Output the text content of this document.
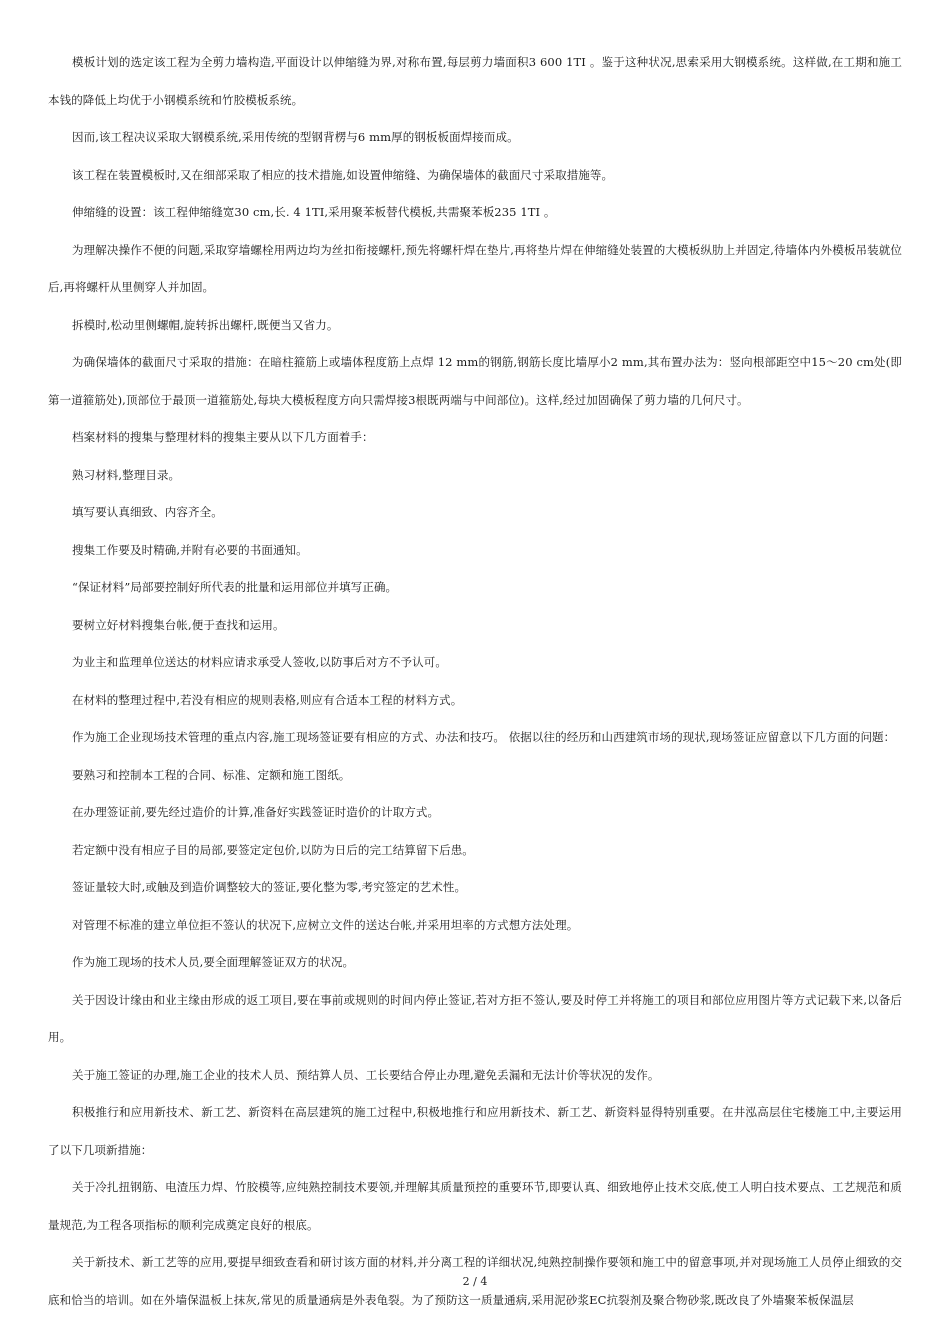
模板计划的选定该工程为全剪力墙构造,平面设计以伸缩缝为界,对称布置,每层剪力墙面积3 600 1TI 。鉴于这种状况,思索采用大钢模系统。这样做,在工期和施工本钱的降低上均优于小钢模系统和竹胶模板系统。

因而,该工程决议采取大钢模系统,采用传统的型钢背楞与6 mm厚的钢板板面焊接而成。

该工程在装置模板时,又在细部采取了相应的技术措施,如设置伸缩缝、为确保墙体的截面尺寸采取措施等。

伸缩缝的设置：该工程伸缩缝宽30 cm,长. 4 1TI,采用聚苯板替代模板,共需聚苯板235 1TI 。

为理解决操作不便的问题,采取穿墙螺栓用两边均为丝扣衔接螺杆,预先将螺杆焊在垫片,再将垫片焊在伸缩缝处装置的大模板纵肋上并固定,待墙体内外模板吊装就位后,再将螺杆从里侧穿人并加固。

拆模时,松动里侧螺帽,旋转拆出螺杆,既便当又省力。

为确保墙体的截面尺寸采取的措施：在暗柱箍筋上或墙体程度筋上点焊 12 mm的钢筋,钢筋长度比墙厚小2 mm,其布置办法为：竖向根部距空中15～20 cm处(即第一道箍筋处),顶部位于最顶一道箍筋处,每块大模板程度方向只需焊接3根既两端与中间部位)。这样,经过加固确保了剪力墙的几何尺寸。

档案材料的搜集与整理材料的搜集主要从以下几方面着手：

熟习材料,整理目录。

填写要认真细致、内容齐全。

搜集工作要及时精确,并附有必要的书面通知。

“保证材料”局部要控制好所代表的批量和运用部位并填写正确。

要树立好材料搜集台帐,便于查找和运用。

为业主和监理单位送达的材料应请求承受人签收,以防事后对方不予认可。

在材料的整理过程中,若没有相应的规则表格,则应有合适本工程的材料方式。

作为施工企业现场技术管理的重点内容,施工现场签证要有相应的方式、办法和技巧。 依据以往的经历和山西建筑市场的现状,现场签证应留意以下几方面的问题：

要熟习和控制本工程的合同、标准、定额和施工图纸。

在办理签证前,要先经过造价的计算,准备好实践签证时造价的计取方式。

若定额中没有相应子目的局部,要签定定包价,以防为日后的完工结算留下后患。

签证量较大时,或触及到造价调整较大的签证,要化整为零,考究签定的艺术性。

对管理不标准的建立单位拒不签认的状况下,应树立文件的送达台帐,并采用坦率的方式想方法处理。

作为施工现场的技术人员,要全面理解签证双方的状况。

关于因设计缘由和业主缘由形成的返工项目,要在事前或规则的时间内停止签证,若对方拒不签认,要及时停工并将施工的项目和部位应用图片等方式记载下来,以备后用。

关于施工签证的办理,施工企业的技术人员、预结算人员、工长要结合停止办理,避免丢漏和无法计价等状况的发作。

积极推行和应用新技术、新工艺、新资料在高层建筑的施工过程中,积极地推行和应用新技术、新工艺、新资料显得特别重要。在井泓高层住宅楼施工中,主要运用了以下几项新措施：

关于冷扎扭钢筋、电渣压力焊、竹胶模等,应纯熟控制技术要领,并理解其质量预控的重要环节,即要认真、细致地停止技术交底,使工人明白技术要点、工艺规范和质量规范,为工程各项指标的顺利完成奠定良好的根底。

关于新技术、新工艺等的应用,要提早细致查看和研讨该方面的材料,并分离工程的详细状况,纯熟控制操作要领和施工中的留意事项,并对现场施工人员停止细致的交底和恰当的培训。如在外墙保温板上抹灰,常见的质量通病是外表龟裂。为了预防这一质量通病,采用泥砂浆EC抗裂剂及聚合物砂浆,既改良了外墙聚苯板保温层

2 / 4
